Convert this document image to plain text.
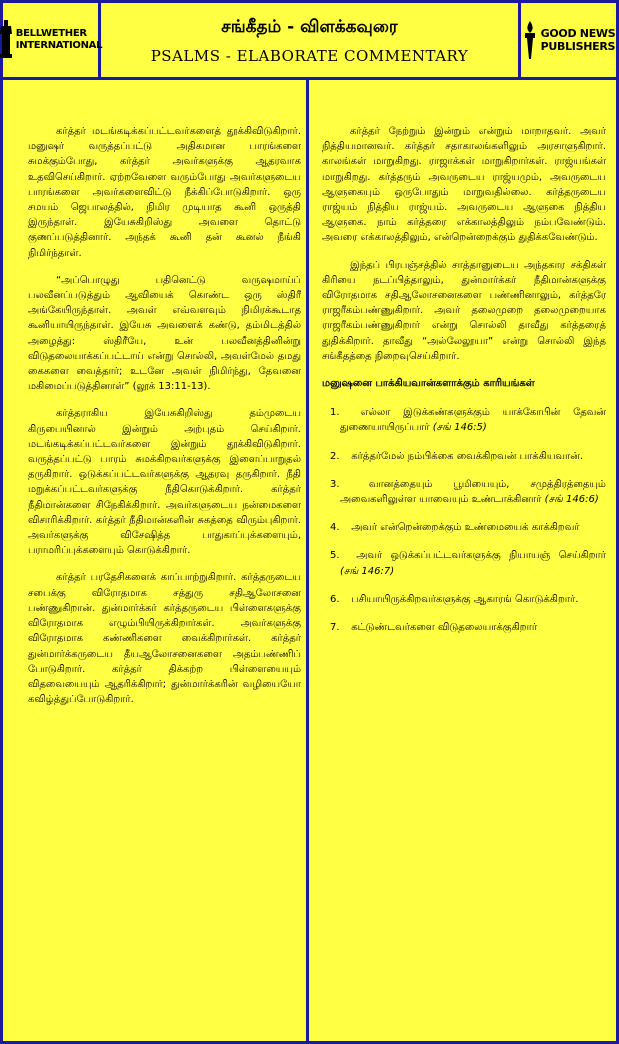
BELLWETHER
INTERNATIONAL
சங்கீதம் - விளக்கவுரை
PSALMS - ELABORATE COMMENTARY
GOOD NEWS
PUBLISHERS

கர்த்தர் மடங்கடிக்கப்பட்டவர்களைத் தூக்கிவிடுகிறார். மனுஷர் வருத்தப்பட்டு அதிகமான பாரங்களை சுமக்கும்போது, கர்த்தர் அவர்களுக்கு ஆதரவாக உதவிசெய்கிறார். ஏற்றவேளை வரும்போது அவர்களுடைய பாரங்களை அவர்களைவிட்டு நீக்கிப்போடுகிறார். ஒரு சமயம் ஜெபாலத்தில், நிமிர முடியாத கூனி ஒருத்தி இருந்தாள். இயேசுகிறிஸ்து அவளை தொட்டு குணப்படுத்தினார். அந்தக் கூனி தன் கூனல் நீங்கி நிமிர்ந்தாள்.

“அப்பொழுது பதினெட்டு வருஷமாய்ப் பலவீனப்படுத்தும் ஆவியைக் கொண்ட ஒரு ஸ்திரீ அங்கேயிருந்தாள். அவள் எவ்வளவும் நிமிரக்கூடாத கூனியாயிருந்தாள். இயேசு அவளைக் கண்டு, தம்மிடத்தில் அழைத்து: ஸ்திரீயே, உன் பலவீனத்தினின்று விடுதலையாக்கப்பட்டாய் என்று சொல்லி, அவள்மேல் தமது கைகளை வைத்தார்; உடனே அவள் நிமிர்ந்து, தேவனை மகிமைப்படுத்தினாள்” (லூக் 13:11-13).

கர்த்தராகிய இயேசுகிறிஸ்து தம்முடைய கிருபையினால் இன்றும் அற்புதம் செய்கிறார். மடங்கடிக்கப்பட்டவர்களை இன்றும் தூக்கிவிடுகிறார். வருத்தப்பட்டு பாரம் சுமக்கிறவர்களுக்கு இளைப்பாறுதல் தருகிறார். ஒடுக்கப்பட்டவர்களுக்கு ஆதரவு தருகிறார். நீதி மறுக்கப்பட்டவர்களுக்கு நீதிகொடுக்கிறார். கர்த்தர் நீதிமான்களை சிநேகிக்கிறார். அவர்களுடைய நன்மைகளை விசாரிக்கிறார். கர்த்தர் நீதிமான்களின் சுகத்தை விரும்புகிறார். அவர்களுக்கு விசேஷித்த பாதுகாப்புக்களையும், பராமரிப்புக்களையும் கொடுக்கிறார்.

கர்த்தர் பரதேசிகளைக் காப்பாற்றுகிறார். கர்த்தருடைய சபைக்கு விரோதமாக சத்துரு சதிஆலோசனை பண்ணுகிறான். துன்மார்க்கர் கர்த்தருடைய பிள்ளைகளுக்கு விரோதமாக எழும்பியிருக்கிறார்கள். அவர்களுக்கு விரோதமாக கண்ணிகளை வைக்கிறார்கள். கர்த்தர் துன்மார்க்கருடைய தீயஆலோசனைகளை அதம்பண்ணிப் போடுகிறார். கர்த்தர் திக்கற்ற பிள்ளையையும் விதவையையும் ஆதரிக்கிறார்; துன்மார்க்கரின் வழியையோ கவிழ்த்துப்போடுகிறார்.

கர்த்தர் நேற்றும் இன்றும் என்றும் மாறாதவர். அவர் நித்தியமானவர். கர்த்தர் சதாகாலங்களிலும் அரசாளுகிறார். காலங்கள் மாறுகிறது. ராஜாக்கள் மாறுகிறார்கள். ராஜ்யங்கள் மாறுகிறது. கர்த்தரும் அவருடைய ராஜ்யமும், அவருடைய ஆளுகையும் ஒருபோதும் மாறுவதில்லை. கர்த்தருடைய ராஜ்யம் நித்திய ராஜ்யம். அவருடைய ஆளுகை நித்திய ஆளுகை. நாம் கர்த்தரை எக்காலத்திலும் நம்பவேண்டும். அவரை எக்காலத்திலும், என்றென்றைக்கும் துதிக்கவேண்டும்.

இந்தப் பிரபஞ்சத்தில் சாத்தானுடைய அந்தகார சக்திகள் கிரியை நடப்பித்தாலும், துன்மார்க்கர் நீதிமான்களுக்கு விரோதமாக சதிஆலோசனைகளை பண்ணினாலும், கர்த்தரே ராஜரீகம்பண்ணுகிறார். அவர் தலைமுறை தலைமுறையாக ராஜரீகம்பண்ணுகிறார் என்று சொல்லி தாவீது கர்த்தரைத் துதிக்கிறார். தாவீது “அல்லேலூயா” என்று சொல்லி இந்த சங்கீதத்தை நிறைவுசெய்கிறார்.

மனுஷனை பாக்கியவான்களாக்கும் காரியங்கள்
1. எல்லா இடுக்கண்களுக்கும் யாக்கோபின் தேவன் துணையாயிருப்பார் (சங் 146:5)
2. கர்த்தர்மேல் நம்பிக்கை வைக்கிறவன் பாக்கியவான்.
3.	வானத்தையும் பூமியையும், சமுத்திரத்தையும் அவைகளிலுள்ள யாவையும் உண்டாக்கினார் (சங் 146:6)
4. அவர் என்றென்றைக்கும் உண்மையைக் காக்கிறவர்
5. அவர் ஒடுக்கப்பட்டவர்களுக்கு நியாயஞ் செய்கிறார் (சங் 146:7)
6. பசியாயிருக்கிறவர்களுக்கு ஆகாரங் கொடுக்கிறார்.
7. கட்டுண்டவர்களை விடுதலையாக்குகிறார்
